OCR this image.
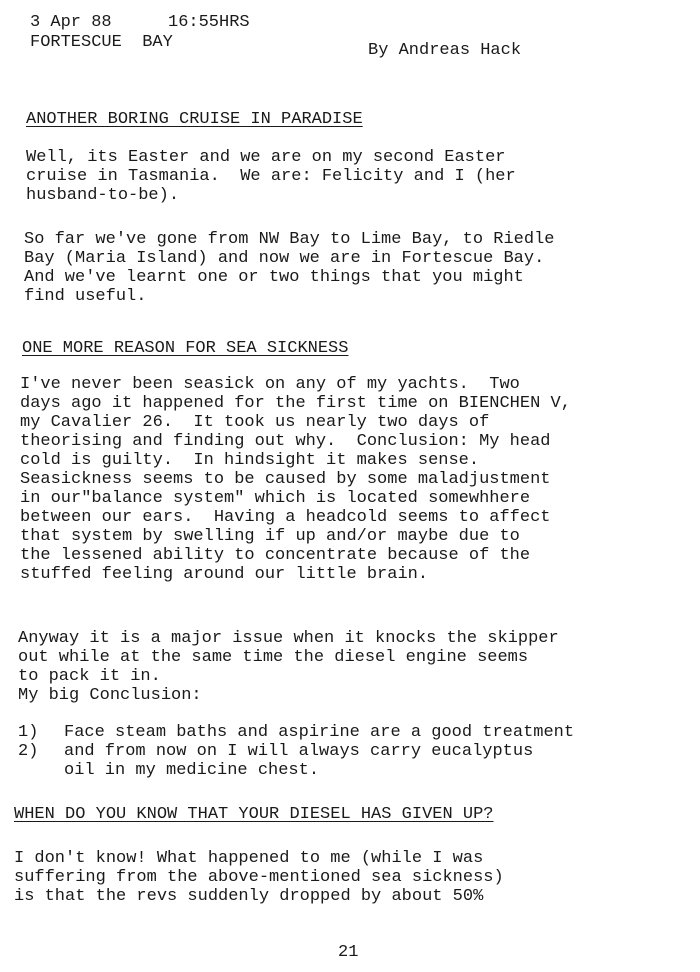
3 Apr 88	16:55HRS
FORTESCUE  BAY	By Andreas Hack
ANOTHER BORING CRUISE IN PARADISE
Well, its Easter and we are on my second Easter
cruise in Tasmania.  We are: Felicity and I (her
husband-to-be).
So far we've gone from NW Bay to Lime Bay, to Riedle
Bay (Maria Island) and now we are in Fortescue Bay.
And we've learnt one or two things that you might
find useful.
ONE MORE REASON FOR SEA SICKNESS
I've never been seasick on any of my yachts.  Two
days ago it happened for the first time on BIENCHEN V,
my Cavalier 26.  It took us nearly two days of
theorising and finding out why.  Conclusion: My head
cold is guilty.  In hindsight it makes sense.
Seasickness seems to be caused by some maladjustment
in our"balance system" which is located somewhhere
between our ears.  Having a headcold seems to affect
that system by swelling if up and/or maybe due to
the lessened ability to concentrate because of the
stuffed feeling around our little brain.
Anyway it is a major issue when it knocks the skipper
out while at the same time the diesel engine seems
to pack it in.
My big Conclusion:
1) Face steam baths and aspirine are a good treatment
2) and from now on I will always carry eucalyptus
oil in my medicine chest.
WHEN DO YOU KNOW THAT YOUR DIESEL HAS GIVEN UP?
I don't know! What happened to me (while I was
suffering from the above-mentioned sea sickness)
is that the revs suddenly dropped by about 50%
21
